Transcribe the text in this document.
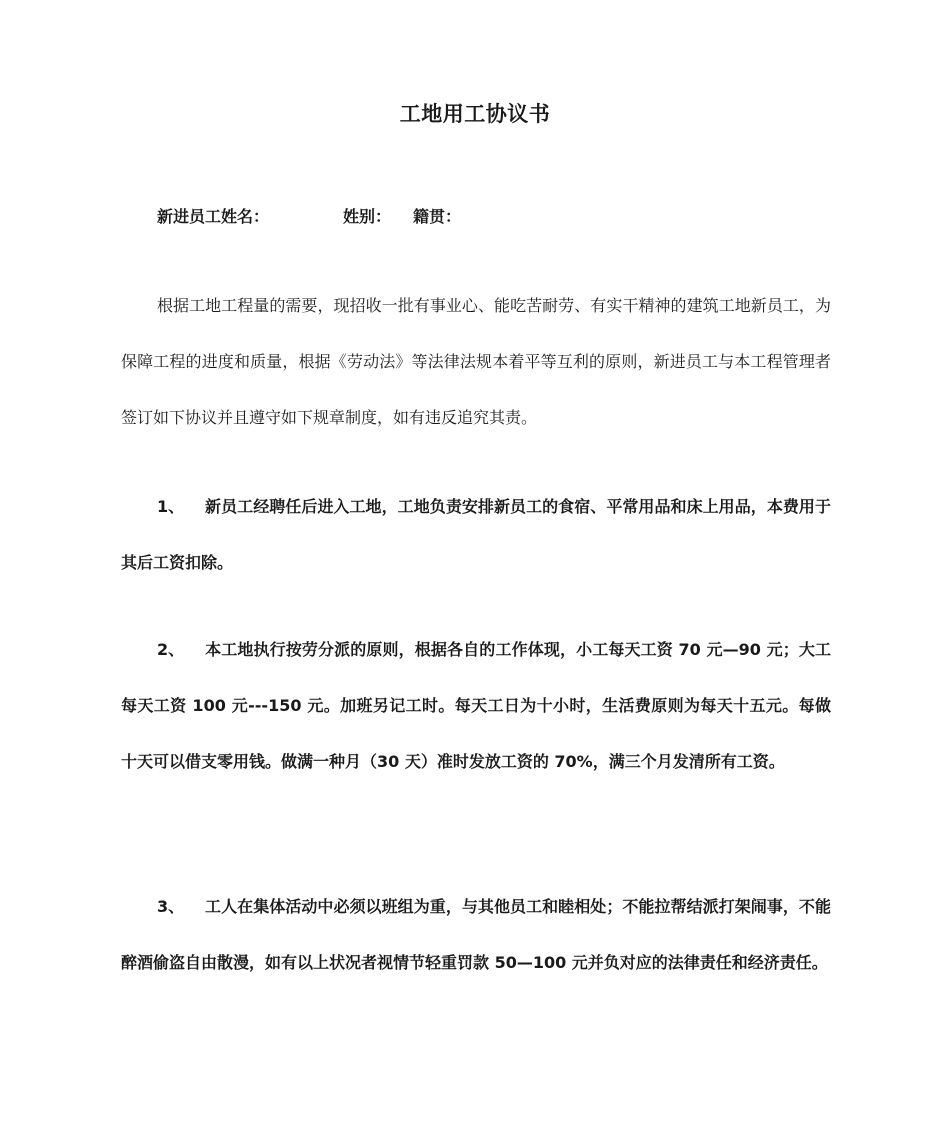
工地用工协议书
新进员工姓名：	姓别： 籍贯：

根据工地工程量的需要，现招收一批有事业心、能吃苦耐劳、有实干精神的建筑工地新员工，为保障工程的进度和质量，根据《劳动法》等法律法规本着平等互利的原则，新进员工与本工程管理者签订如下协议并且遵守如下规章制度，如有违反追究其责。

1、 新员工经聘任后进入工地，工地负责安排新员工的食宿、平常用品和床上用品，本费用于其后工资扣除。

2、 本工地执行按劳分派的原则，根据各自的工作体现，小工每天工资 70 元—90 元；大工每天工资 100 元---150 元。加班另记工时。每天工日为十小时，生活费原则为每天十五元。每做十天可以借支零用钱。做满一种月（30 天）准时发放工资的 70%，满三个月发清所有工资。

3、 工人在集体活动中必须以班组为重，与其他员工和睦相处；不能拉帮结派打架闹事，不能醉酒偷盗自由散漫，如有以上状况者视情节轻重罚款 50—100 元并负对应的法律责任和经济责任。
